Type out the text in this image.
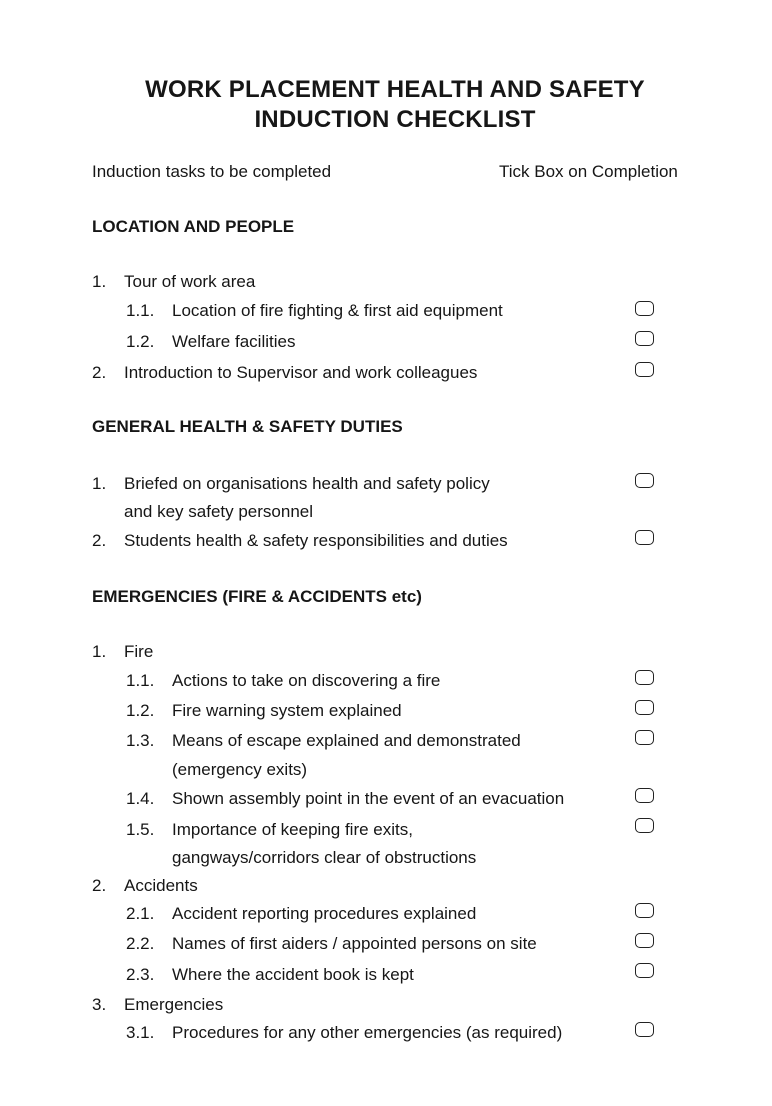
WORK PLACEMENT HEALTH AND SAFETY
INDUCTION CHECKLIST
Induction tasks to be completed	Tick Box on Completion
LOCATION AND PEOPLE
1. Tour of work area
1.1. Location of fire fighting & first aid equipment
1.2. Welfare facilities
2. Introduction to Supervisor and work colleagues
GENERAL HEALTH & SAFETY DUTIES
1. Briefed on organisations health and safety policy
and key safety personnel
2. Students health & safety responsibilities and duties
EMERGENCIES (FIRE & ACCIDENTS etc)
1. Fire
1.1. Actions to take on discovering a fire
1.2. Fire warning system explained
1.3. Means of escape explained and demonstrated
(emergency exits)
1.4. Shown assembly point in the event of an evacuation
1.5. Importance of keeping fire exits,
gangways/corridors clear of obstructions
2. Accidents
2.1. Accident reporting procedures explained
2.2. Names of first aiders / appointed persons on site
2.3. Where the accident book is kept
3. Emergencies
3.1. Procedures for any other emergencies (as required)
